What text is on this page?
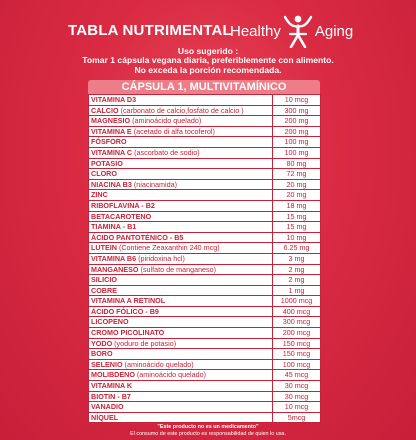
TABLA NUTRIMENTAL
Healthy Aging
Uso sugerido :
Tomar 1 cápsula vegana diaria, preferiblemente con alimento.
No exceda la porción recomendada.
CÁPSULA 1, MULTIVITAMÍNICO
VITAMINA D3	10 mcg
CALCIO (carbonato de calcio,fosfato de calcio )	300 mg
MAGNESIO (aminoácido quelado)	200 mg
VITAMINA E (acetado di alfa tocoferol)	200 mg
FÓSFORO	100 mg
VITAMINA C (ascorbato de sodio)	100 mg
POTASIO	80 mg
CLORO	72 mg
NIACINA B3 (niacinamida)	20 mg
ZINC	20 mg
RIBOFLAVINA - B2	18 mg
BETACAROTENO	15 mg
TIAMINA - B1	15 mg
ÁCIDO PANTOTÉNICO - B5	10 mg
LUTEIN (Contiene Zeaxanthin 240 mcg)	6.25 mg
VITAMINA B6 (piridoxina hcl)	3 mg
MANGANESO (sulfato de manganeso)	2 mg
SILICIO	2 mg
COBRE	1 mg
VITAMINA A RETINOL	1000 mcg
ÁCIDO FÓLICO - B9	400 mcg
LICOPENO	300 mcg
CROMO PICOLINATO	200 mcg
YODO (yoduro de potasio)	150 mcg
BORO	150 mcg
SELENIO (aminoácido quelado)	100 mcg
MOLIBDENO (aminoácido quelado)	45 mcg
VITAMINA K	30 mcg
BIOTIN - B7	30 mcg
VANADIO	10 mcg
NÍQUEL	5mcg
Precauciones:
"Este producto no es un medicamento"
El consumo de este producto es responsabilidad de quien lo usa.
